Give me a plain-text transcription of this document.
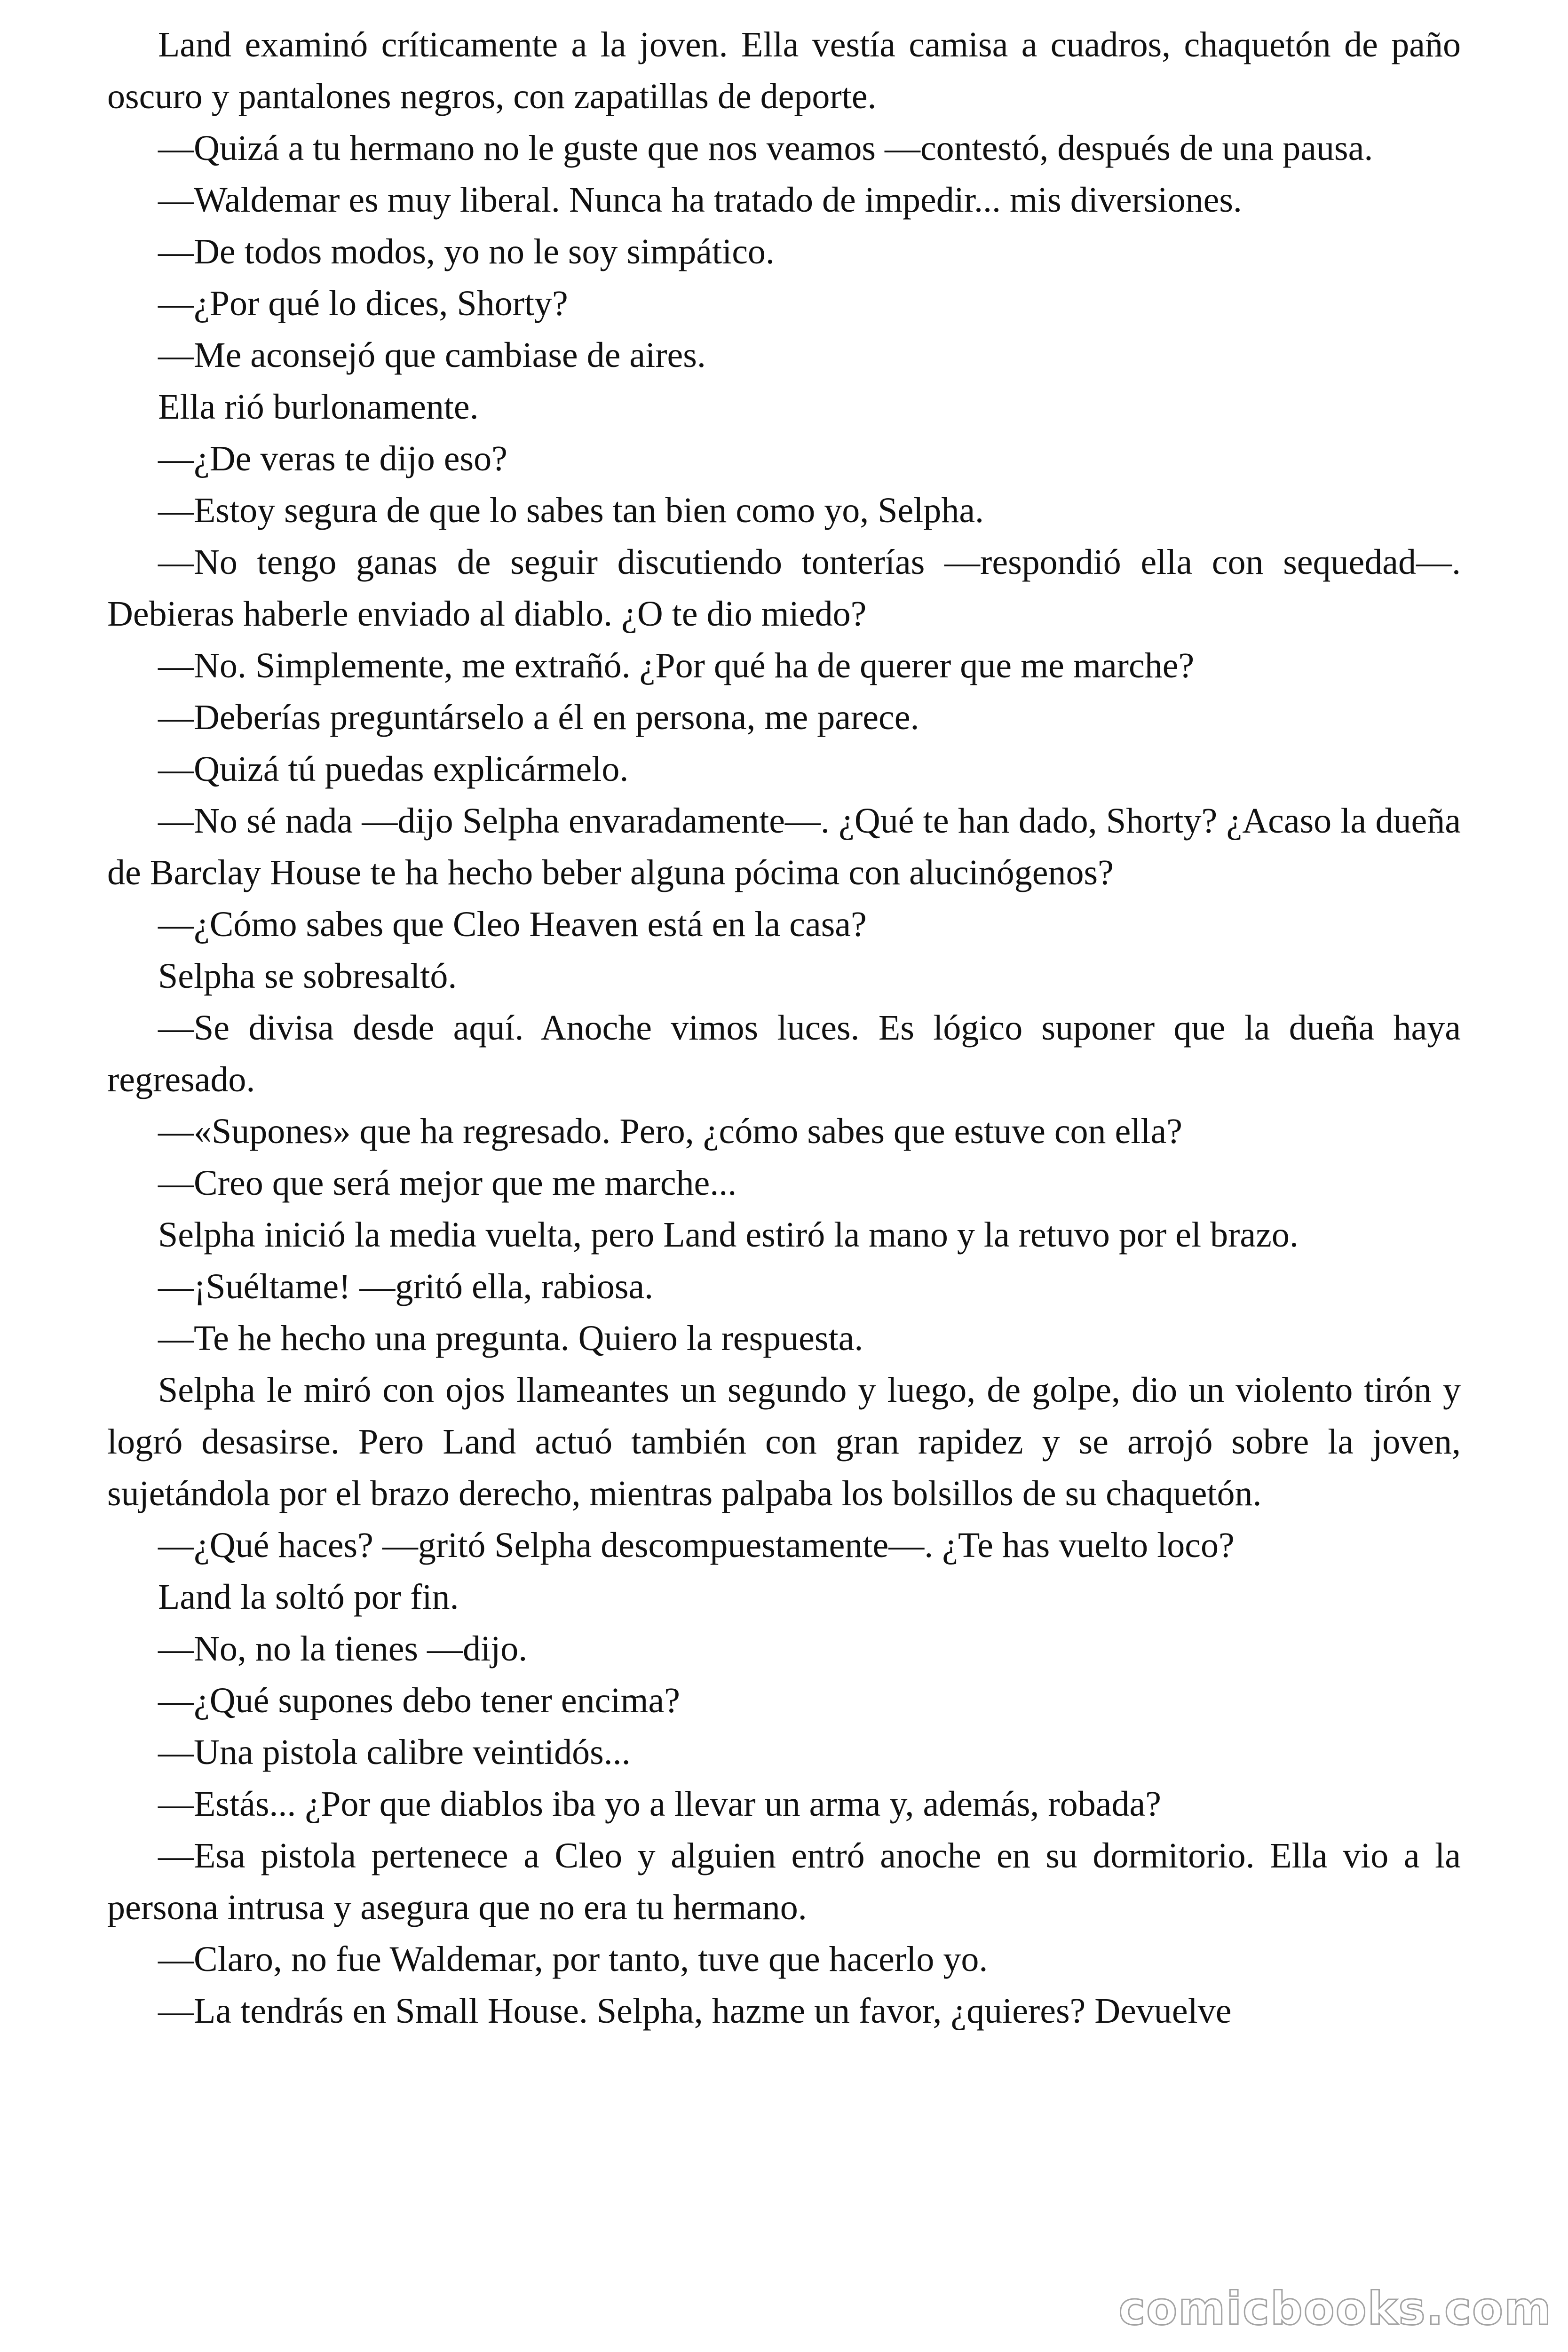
Land examinó críticamente a la joven. Ella vestía camisa a cuadros, chaquetón de paño oscuro y pantalones negros, con zapatillas de deporte.

—Quizá a tu hermano no le guste que nos veamos —contestó, después de una pausa.

—Waldemar es muy liberal. Nunca ha tratado de impedir... mis diversiones.

—De todos modos, yo no le soy simpático.

—¿Por qué lo dices, Shorty?

—Me aconsejó que cambiase de aires.

Ella rió burlonamente.

—¿De veras te dijo eso?

—Estoy segura de que lo sabes tan bien como yo, Selpha.

—No tengo ganas de seguir discutiendo tonterías —respondió ella con sequedad—. Debieras haberle enviado al diablo. ¿O te dio miedo?

—No. Simplemente, me extrañó. ¿Por qué ha de querer que me marche?

—Deberías preguntárselo a él en persona, me parece.

—Quizá tú puedas explicármelo.

—No sé nada —dijo Selpha envaradamente—. ¿Qué te han dado, Shorty? ¿Acaso la dueña de Barclay House te ha hecho beber alguna pócima con alucinógenos?

—¿Cómo sabes que Cleo Heaven está en la casa?

Selpha se sobresaltó.

—Se divisa desde aquí. Anoche vimos luces. Es lógico suponer que la dueña haya regresado.

—«Supones» que ha regresado. Pero, ¿cómo sabes que estuve con ella?

—Creo que será mejor que me marche...

Selpha inició la media vuelta, pero Land estiró la mano y la retuvo por el brazo.

—¡Suéltame! —gritó ella, rabiosa.

—Te he hecho una pregunta. Quiero la respuesta.

Selpha le miró con ojos llameantes un segundo y luego, de golpe, dio un violento tirón y logró desasirse. Pero Land actuó también con gran rapidez y se arrojó sobre la joven, sujetándola por el brazo derecho, mientras palpaba los bolsillos de su chaquetón.

—¿Qué haces? —gritó Selpha descompuestamente—. ¿Te has vuelto loco?

Land la soltó por fin.

—No, no la tienes —dijo.

—¿Qué supones debo tener encima?

—Una pistola calibre veintidós...

—Estás... ¿Por que diablos iba yo a llevar un arma y, además, robada?

—Esa pistola pertenece a Cleo y alguien entró anoche en su dormitorio. Ella vio a la persona intrusa y asegura que no era tu hermano.

—Claro, no fue Waldemar, por tanto, tuve que hacerlo yo.

—La tendrás en Small House. Selpha, hazme un favor, ¿quieres? Devuelve

comicbooks.com
